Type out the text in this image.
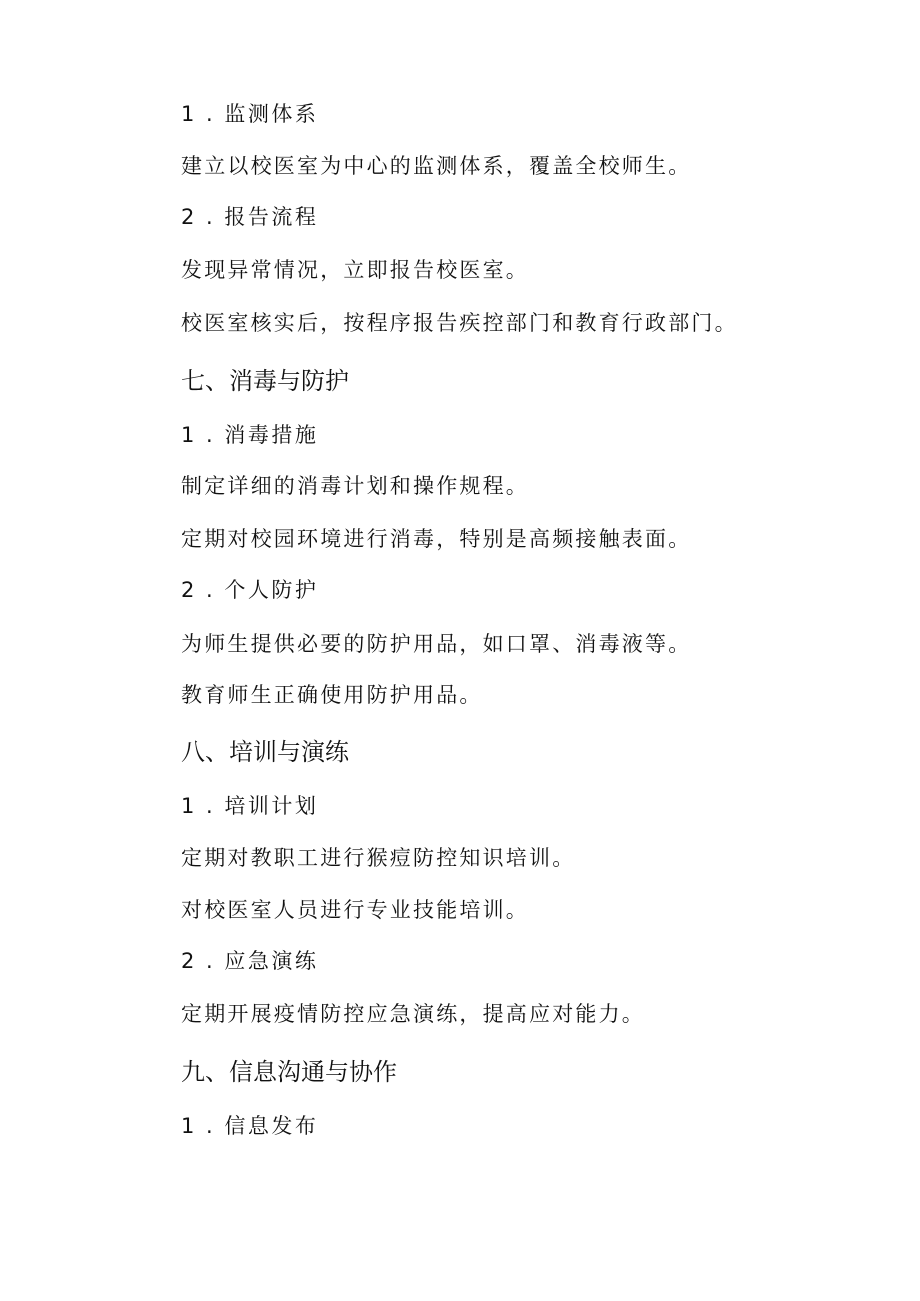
1 . 监测体系
建立以校医室为中心的监测体系，覆盖全校师生。
2 . 报告流程
发现异常情况，立即报告校医室。
校医室核实后，按程序报告疾控部门和教育行政部门。
七、消毒与防护
1 . 消毒措施
制定详细的消毒计划和操作规程。
定期对校园环境进行消毒，特别是高频接触表面。
2 . 个人防护
为师生提供必要的防护用品，如口罩、消毒液等。
教育师生正确使用防护用品。
八、培训与演练
1 . 培训计划
定期对教职工进行猴痘防控知识培训。
对校医室人员进行专业技能培训。
2 . 应急演练
定期开展疫情防控应急演练，提高应对能力。
九、信息沟通与协作
1 . 信息发布
